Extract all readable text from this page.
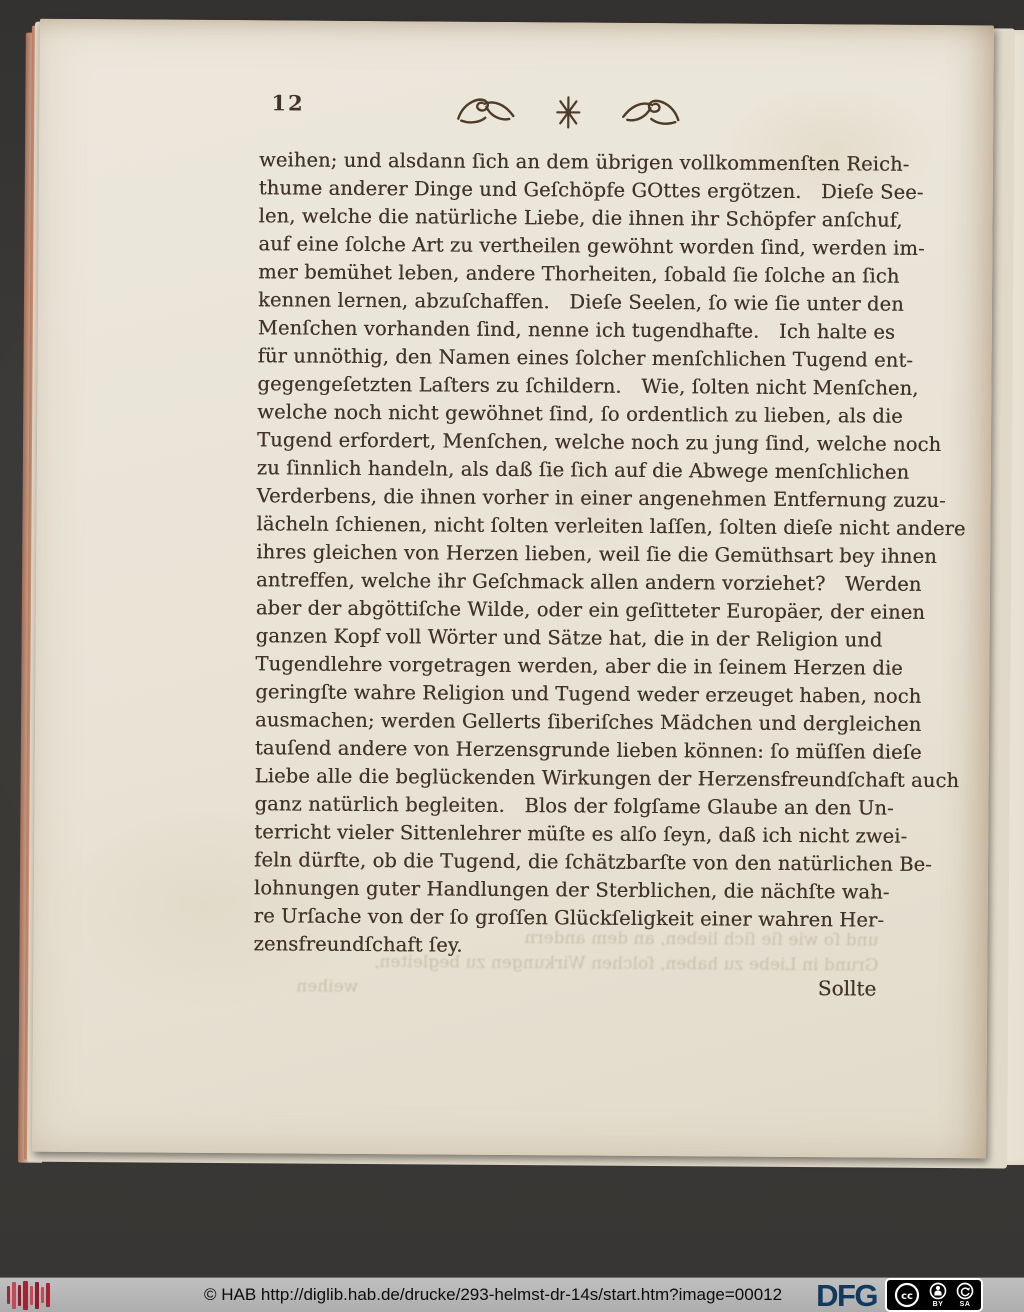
12
weihen; und alsdann ſich an dem übrigen vollkommenſten Reich-
thume anderer Dinge und Geſchöpfe GOttes ergötzen. Dieſe See-
len, welche die natürliche Liebe, die ihnen ihr Schöpfer anſchuf,
auf eine ſolche Art zu vertheilen gewöhnt worden ſind, werden im-
mer bemühet leben, andere Thorheiten, ſobald ſie ſolche an ſich
kennen lernen, abzuſchaffen. Dieſe Seelen, ſo wie ſie unter den
Menſchen vorhanden ſind, nenne ich tugendhafte. Ich halte es
für unnöthig, den Namen eines ſolcher menſchlichen Tugend ent-
gegengeſetzten Laſters zu ſchildern. Wie, ſolten nicht Menſchen,
welche noch nicht gewöhnet ſind, ſo ordentlich zu lieben, als die
Tugend erfordert, Menſchen, welche noch zu jung ſind, welche noch
zu ſinnlich handeln, als daß ſie ſich auf die Abwege menſchlichen
Verderbens, die ihnen vorher in einer angenehmen Entfernung zuzu-
lächeln ſchienen, nicht ſolten verleiten laſſen, ſolten dieſe nicht andere
ihres gleichen von Herzen lieben, weil ſie die Gemüthsart bey ihnen
antreffen, welche ihr Geſchmack allen andern vorziehet? Werden
aber der abgöttiſche Wilde, oder ein geſitteter Europäer, der einen
ganzen Kopf voll Wörter und Sätze hat, die in der Religion und
Tugendlehre vorgetragen werden, aber die in ſeinem Herzen die
geringſte wahre Religion und Tugend weder erzeuget haben, noch
ausmachen; werden Gellerts ſiberiſches Mädchen und dergleichen
tauſend andere von Herzensgrunde lieben können: ſo müſſen dieſe
Liebe alle die beglückenden Wirkungen der Herzensfreundſchaft auch
ganz natürlich begleiten. Blos der folgſame Glaube an den Un-
terricht vieler Sittenlehrer müſte es alſo ſeyn, daß ich nicht zwei-
feln dürfte, ob die Tugend, die ſchätzbarſte von den natürlichen Be-
lohnungen guter Handlungen der Sterblichen, die nächſte wah-
re Urſache von der ſo groſſen Glückſeligkeit einer wahren Her-
zensfreundſchaft ſey.
Sollte
und ſo wie ſie ſich lieben, an dem andern
Grund in Liebe zu haben, ſolchen Wirkungen zu begleiten,
weihen
© HAB http://diglib.hab.de/drucke/293-helmst-dr-14s/start.htm?image=00012 DFG cc
BY SA
